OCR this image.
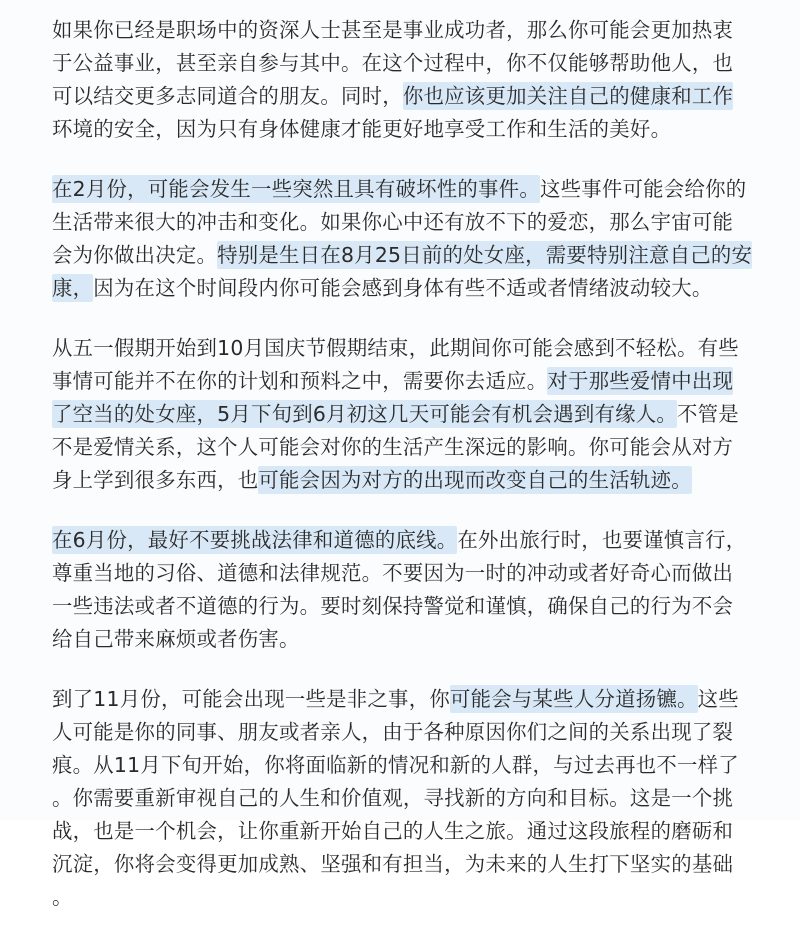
如果你已经是职场中的资深人士甚至是事业成功者，那么你可能会更加热衷
于公益事业，甚至亲自参与其中。在这个过程中，你不仅能够帮助他人，也
可以结交更多志同道合的朋友。同时，你也应该更加关注自己的健康和工作
环境的安全，因为只有身体健康才能更好地享受工作和生活的美好。
在2月份，可能会发生一些突然且具有破坏性的事件。这些事件可能会给你的
生活带来很大的冲击和变化。如果你心中还有放不下的爱恋，那么宇宙可能
会为你做出决定。特别是生日在8月25日前的处女座，需要特别注意自己的安
康，因为在这个时间段内你可能会感到身体有些不适或者情绪波动较大。
从五一假期开始到10月国庆节假期结束，此期间你可能会感到不轻松。有些
事情可能并不在你的计划和预料之中，需要你去适应。对于那些爱情中出现
了空当的处女座，5月下旬到6月初这几天可能会有机会遇到有缘人。不管是
不是爱情关系，这个人可能会对你的生活产生深远的影响。你可能会从对方
身上学到很多东西，也可能会因为对方的出现而改变自己的生活轨迹。
在6月份，最好不要挑战法律和道德的底线。在外出旅行时，也要谨慎言行，
尊重当地的习俗、道德和法律规范。不要因为一时的冲动或者好奇心而做出
一些违法或者不道德的行为。要时刻保持警觉和谨慎，确保自己的行为不会
给自己带来麻烦或者伤害。
到了11月份，可能会出现一些是非之事，你可能会与某些人分道扬镳。这些
人可能是你的同事、朋友或者亲人，由于各种原因你们之间的关系出现了裂
痕。从11月下旬开始，你将面临新的情况和新的人群，与过去再也不一样了
。你需要重新审视自己的人生和价值观，寻找新的方向和目标。这是一个挑
战，也是一个机会，让你重新开始自己的人生之旅。通过这段旅程的磨砺和
沉淀，你将会变得更加成熟、坚强和有担当，为未来的人生打下坚实的基础
。
